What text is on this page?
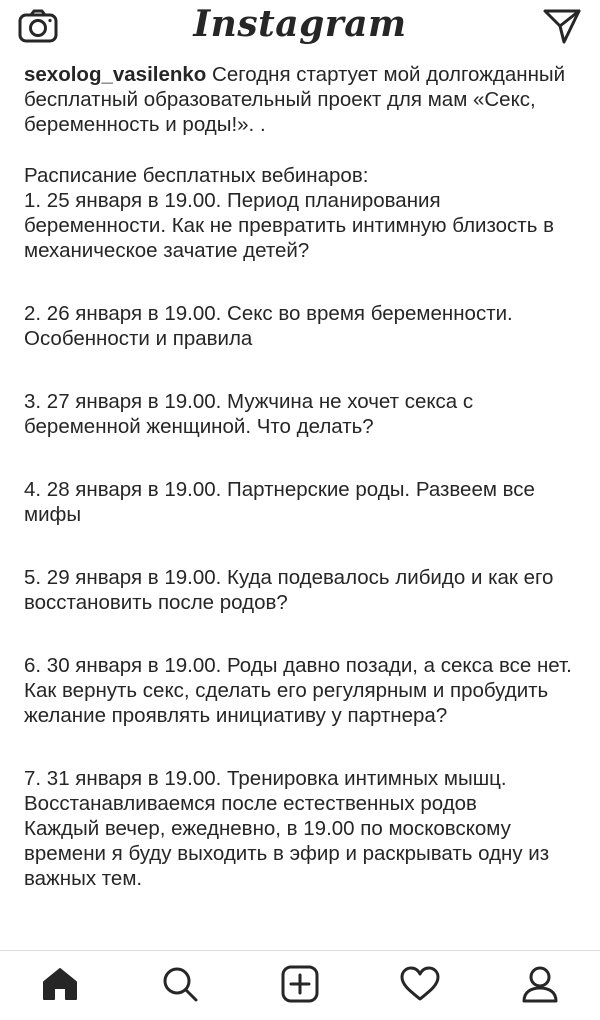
Instagram
sexolog_vasilenko Сегодня стартует мой долгожданный бесплатный образовательный проект для мам «Секс, беременность и роды!». .
Расписание бесплатных вебинаров:
1. 25 января в 19.00. Период планирования беременности. Как не превратить интимную близость в механическое зачатие детей?
2. 26 января в 19.00. Секс во время беременности. Особенности и правила
3. 27 января в 19.00. Мужчина не хочет секса с беременной женщиной. Что делать?
4. 28 января в 19.00. Партнерские роды. Развеем все мифы
5. 29 января в 19.00. Куда подевалось либидо и как его восстановить после родов?
6. 30 января в 19.00. Роды давно позади, а секса все нет. Как вернуть секс, сделать его регулярным и пробудить желание проявлять инициативу у партнера?
7. 31 января в 19.00. Тренировка интимных мышц. Восстанавливаемся после естественных родов
Каждый вечер, ежедневно, в 19.00 по московскому времени я буду выходить в эфир и раскрывать одну из важных тем.
